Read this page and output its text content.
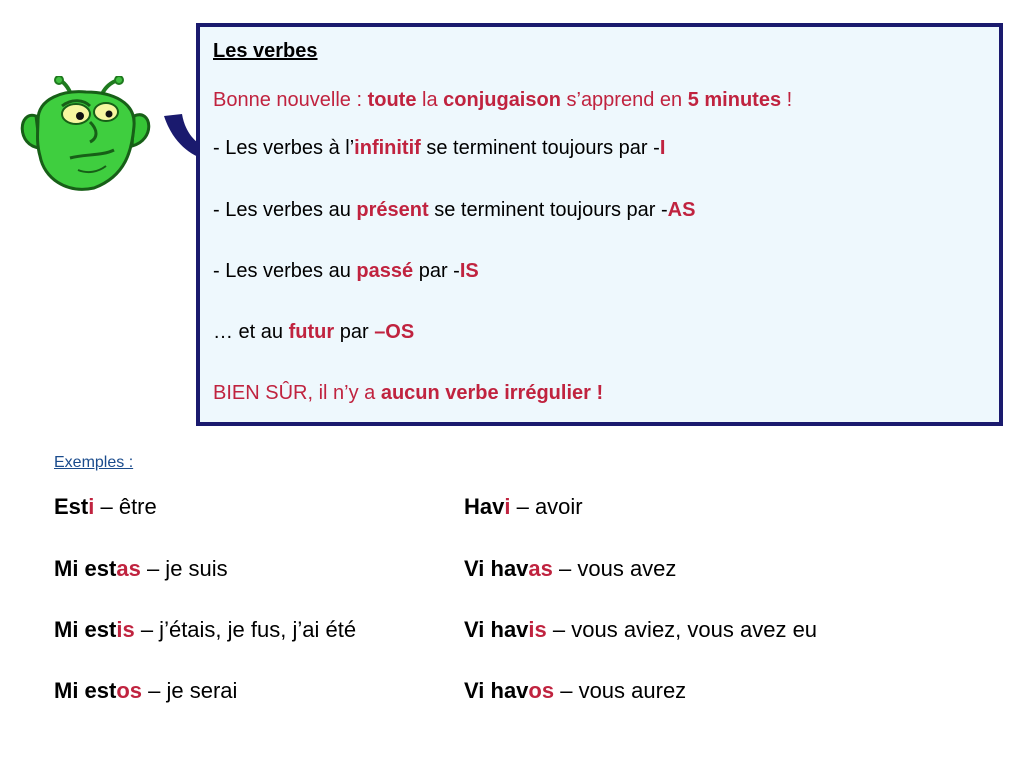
Les verbes
Bonne nouvelle : toute la conjugaison s’apprend en 5 minutes !
- Les verbes à l’infinitif se terminent toujours par -I
- Les verbes au présent se terminent toujours par -AS
- Les verbes au passé par -IS
… et au futur par –OS
BIEN SÛR, il n’y a aucun verbe irrégulier !
Exemples :
Esti – être
Mi estas – je suis
Mi estis – j’étais, je fus, j’ai été
Mi estos – je serai
Havi – avoir
Vi havas – vous avez
Vi havis – vous aviez, vous avez eu
Vi havos – vous aurez
